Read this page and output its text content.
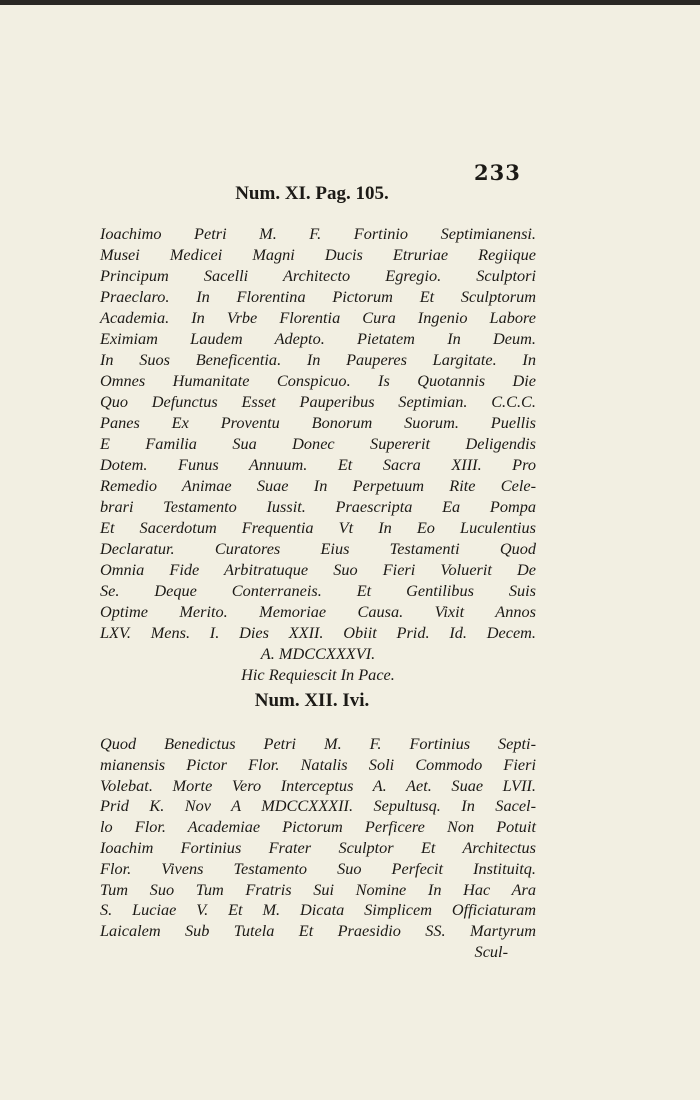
233
Num. XI. Pag. 105.
Ioachimo Petri M. F. Fortinio Septimianensi.
Musei Medicei Magni Ducis Etruriae Regiique
Principum Sacelli Architecto Egregio. Sculptori
Praeclaro. In Florentina Pictorum Et Sculptorum
Academia. In Vrbe Florentia Cura Ingenio Labore
Eximiam Laudem Adepto. Pietatem In Deum.
In Suos Beneficentia. In Pauperes Largitate. In
Omnes Humanitate Conspicuo. Is Quotannis Die
Quo Defunctus Esset Pauperibus Septimian. C.C.C.
Panes Ex Proventu Bonorum Suorum. Puellis
E Familia Sua Donec Supererit Deligendis
Dotem. Funus Annuum. Et Sacra XIII. Pro
Remedio Animae Suae In Perpetuum Rite Cele-
brari Testamento Iussit. Praescripta Ea Pompa
Et Sacerdotum Frequentia Vt In Eo Luculentius
Declaratur. Curatores Eius Testamenti Quod
Omnia Fide Arbitratuque Suo Fieri Voluerit De
Se. Deque Conterraneis. Et Gentilibus Suis
Optime Merito. Memoriae Causa. Vixit Annos
LXV. Mens. I. Dies XXII. Obiit Prid. Id. Decem.
A. MDCCXXXVI.
Hic Requiescit In Pace.
Num. XII. Ivi.
Quod Benedictus Petri M. F. Fortinius Septi-
mianensis Pictor Flor. Natalis Soli Commodo Fieri
Volebat. Morte Vero Interceptus A. Aet. Suae LVII.
Prid K. Nov A MDCCXXXII. Sepultusq. In Sacel-
lo Flor. Academiae Pictorum Perficere Non Potuit
Ioachim Fortinius Frater Sculptor Et Architectus
Flor. Vivens Testamento Suo Perfecit Instituitq.
Tum Suo Tum Fratris Sui Nomine In Hac Ara
S. Luciae V. Et M. Dicata Simplicem Officiaturam
Laicalem Sub Tutela Et Praesidio SS. Martyrum
Scul-
